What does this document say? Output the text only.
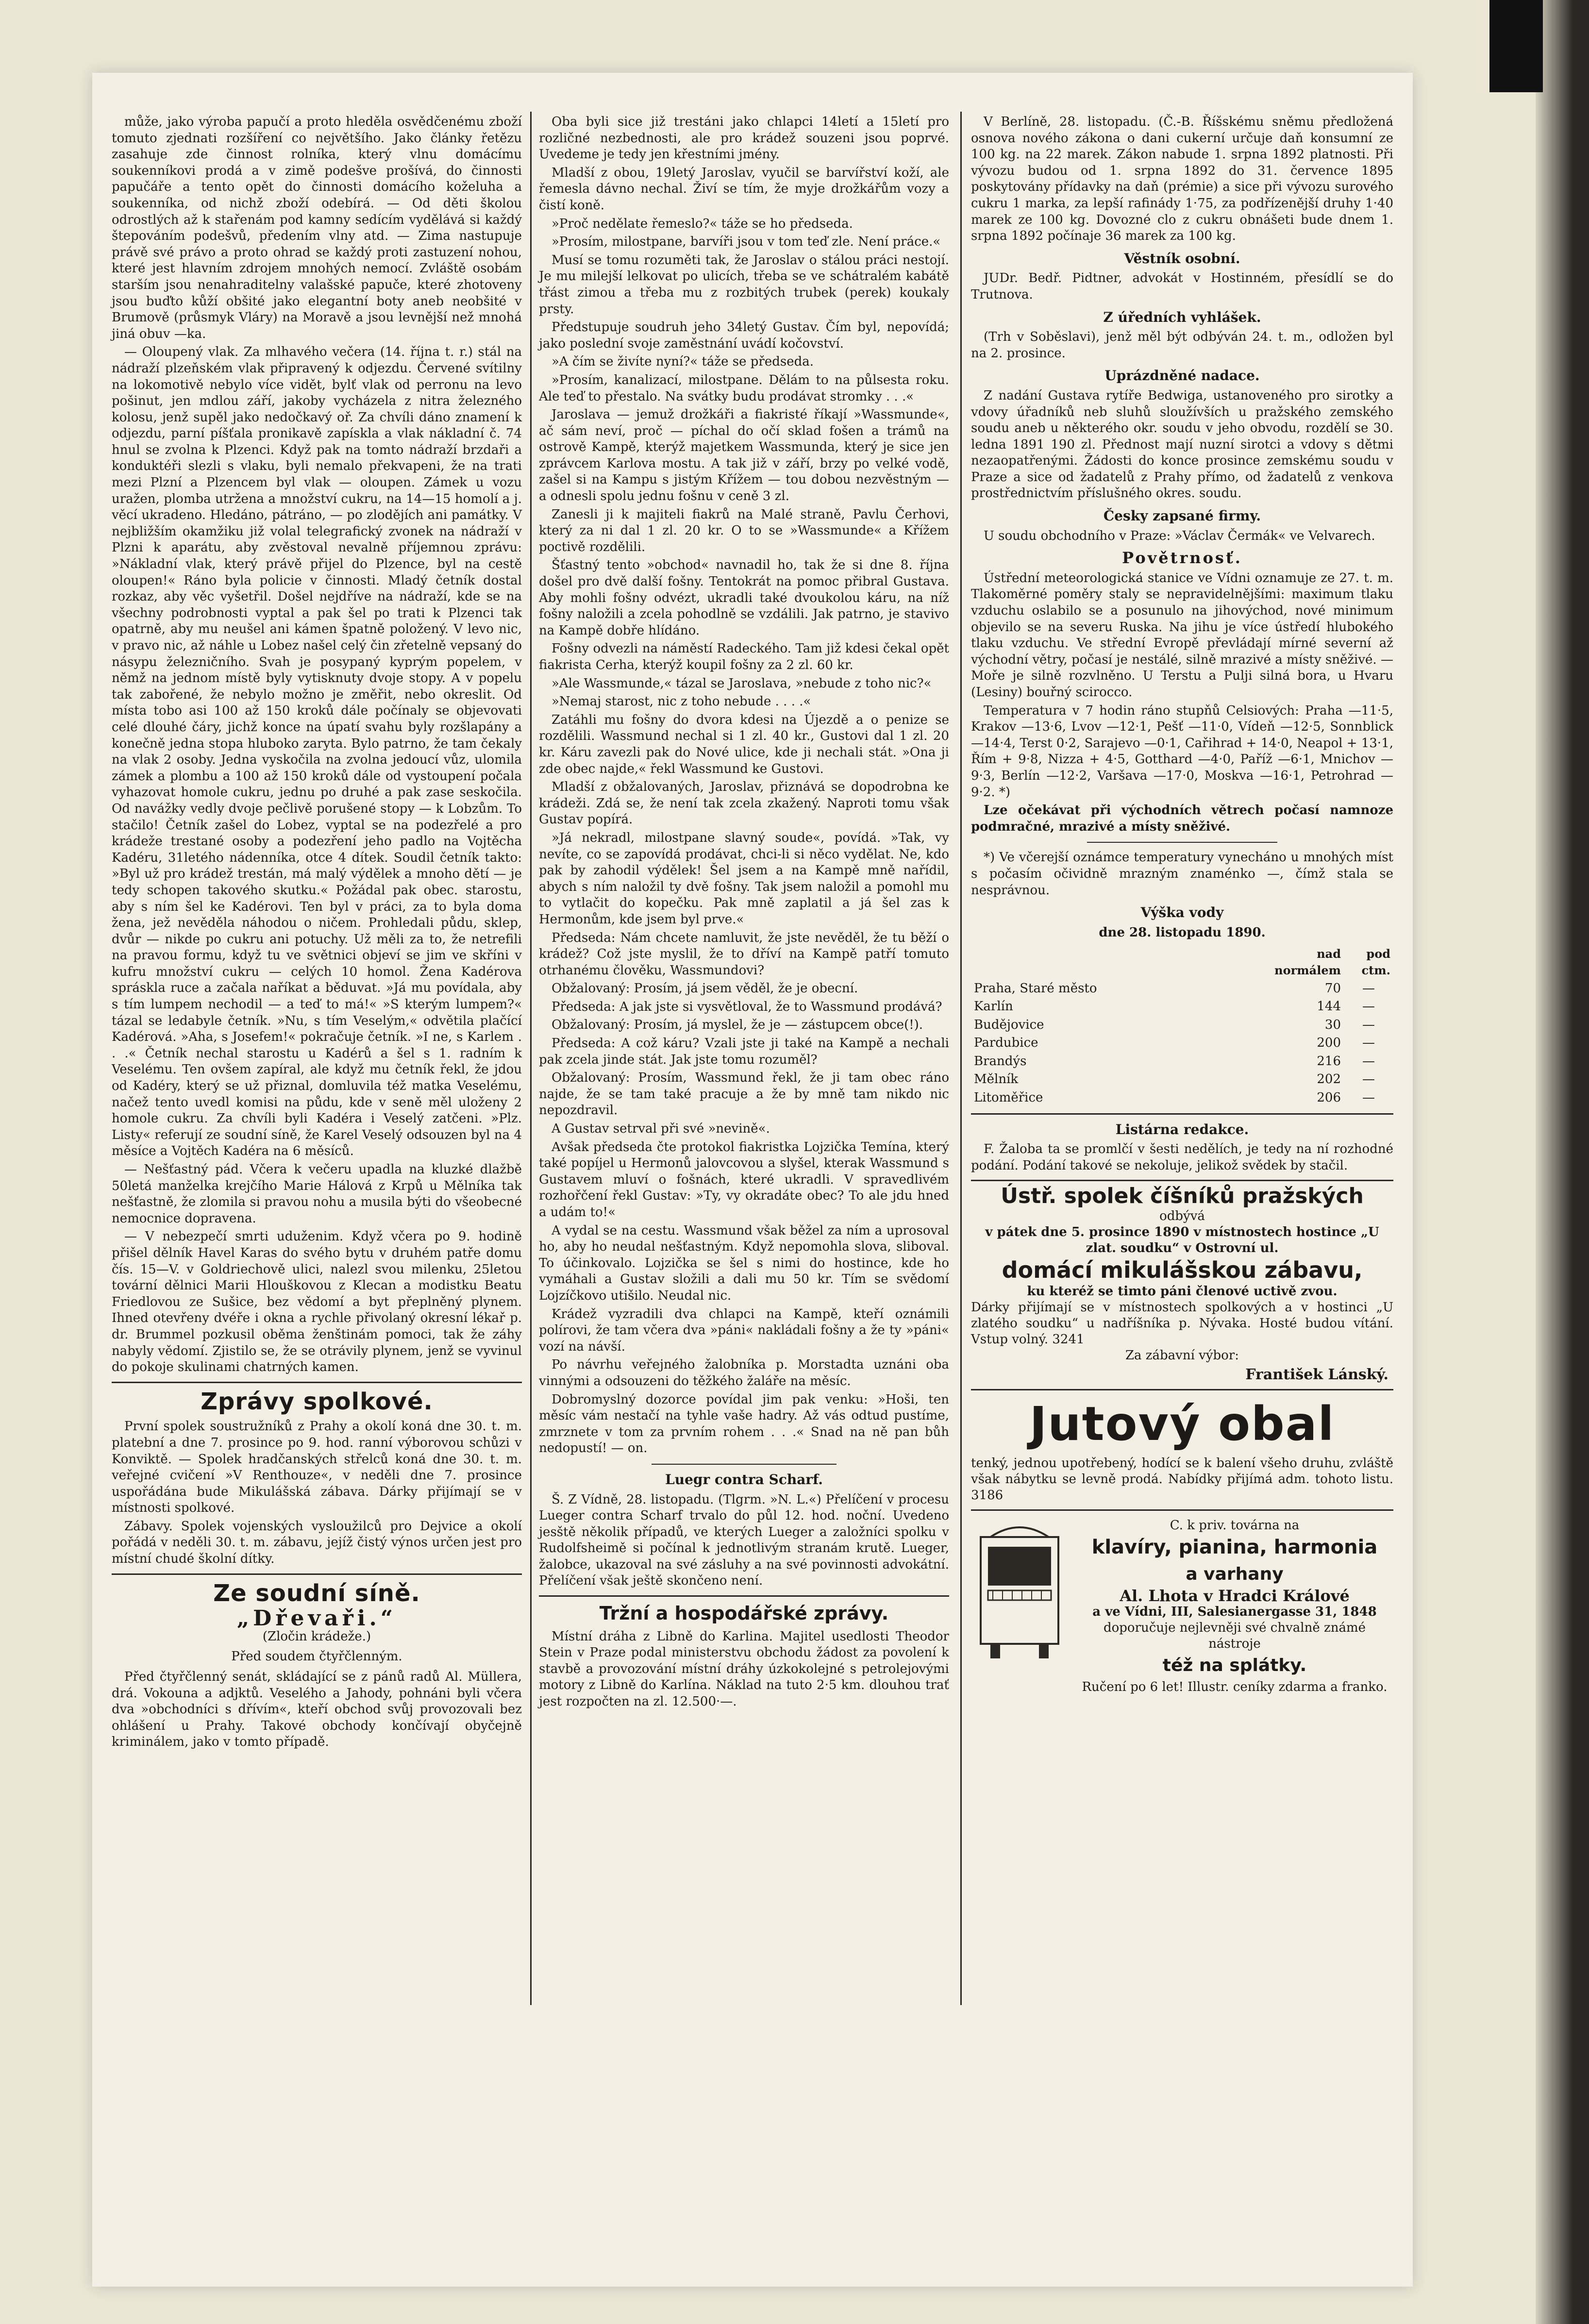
může, jako výroba papučí a proto hleděla osvědčenému zboží tomuto zjednati rozšíření co největšího. Jako články řetězu zasahuje zde činnost rolníka, který vlnu domácímu soukenníkovi prodá a v zimě podešve prošívá, do činnosti papučáře a tento opět do činnosti domácího koželuha a soukenníka, od nichž zboží odebírá. — Od děti školou odrostlých až k stařenám pod kamny sedícím vydělává si každý štepováním podešvů, předením vlny atd. — Zima nastupuje právě své právo a proto ohrad se každý proti zastuzení nohou, které jest hlavním zdrojem mnohých nemocí. Zvláště osobám starším jsou nenahraditelny valašské papuče, které zhotoveny jsou buďto kůží obšité jako elegantní boty aneb neobšité v Brumově (průsmyk Vláry) na Moravě a jsou levnější než mnohá jiná obuv —ka.

— Oloupený vlak. Za mlhavého večera (14. října t. r.) stál na nádraží plzeňském vlak připravený k odjezdu. Červené svítilny na lokomotivě nebylo více vidět, bylť vlak od perronu na levo pošinut, jen mdlou září, jakoby vycházela z nitra železného kolosu, jenž supěl jako nedočkavý oř. Za chvíli dáno znamení k odjezdu, parní píšťala pronikavě zapískla a vlak nákladní č. 74 hnul se zvolna k Plzenci. Když pak na tomto nádraží brzdaři a konduktéři slezli s vlaku, byli nemalo překvapeni, že na trati mezi Plzní a Plzencem byl vlak — oloupen. Zámek u vozu uražen, plomba utržena a množství cukru, na 14—15 homolí a j. věcí ukradeno. Hledáno, pátráno, — po zlodějích ani památky. V nejbližším okamžiku již volal telegrafický zvonek na nádraží v Plzni k aparátu, aby zvěstoval nevalně příjemnou zprávu: »Nákladní vlak, který právě přijel do Plzence, byl na cestě oloupen!« Ráno byla policie v činnosti. Mladý četník dostal rozkaz, aby věc vyšetřil. Došel nejdříve na nádraží, kde se na všechny podrobnosti vyptal a pak šel po trati k Plzenci tak opatrně, aby mu neušel ani kámen špatně položený. V levo nic, v pravo nic, až náhle u Lobez našel celý čin zřetelně vepsaný do násypu železničního. Svah je posypaný kyprým popelem, v němž na jednom místě byly vytisknuty dvoje stopy. A v popelu tak zabořené, že nebylo možno je změřit, nebo okreslit. Od místa tobo asi 100 až 150 kroků dále počínaly se objevovati celé dlouhé čáry, jichž konce na úpatí svahu byly rozšlapány a konečně jedna stopa hluboko zaryta. Bylo patrno, že tam čekaly na vlak 2 osoby. Jedna vyskočila na zvolna jedoucí vůz, ulomila zámek a plombu a 100 až 150 kroků dále od vystoupení počala vyhazovat homole cukru, jednu po druhé a pak zase seskočila. Od navážky vedly dvoje pečlivě porušené stopy — k Lobzům. To stačilo! Četník zašel do Lobez, vyptal se na podezřelé a pro krádeže trestané osoby a podezření jeho padlo na Vojtěcha Kadéru, 31letého nádenníka, otce 4 dítek. Soudil četník takto: »Byl už pro krádež trestán, má malý výdělek a mnoho dětí — je tedy schopen takového skutku.« Požádal pak obec. starostu, aby s ním šel ke Kadérovi. Ten byl v práci, za to byla doma žena, jež nevěděla náhodou o ničem. Prohledali půdu, sklep, dvůr — nikde po cukru ani potuchy. Už měli za to, že netrefili na pravou formu, když tu ve světnici objeví se jim ve skříni v kufru množství cukru — celých 10 homol. Žena Kadérova spráskla ruce a začala naříkat a běduvat. »Já mu povídala, aby s tím lumpem nechodil — a teď to má!« »S kterým lumpem?« tázal se ledabyle četník. »Nu, s tím Veselým,« odvětila plačící Kadérová. »Aha, s Josefem!« pokračuje četník. »I ne, s Karlem . . .« Četník nechal starostu u Kadérů a šel s 1. radním k Veselému. Ten ovšem zapíral, ale když mu četník řekl, že jdou od Kadéry, který se už přiznal, domluvila též matka Veselému, načež tento uvedl komisi na půdu, kde v seně měl uloženy 2 homole cukru. Za chvíli byli Kadéra i Veselý zatčeni. »Plz. Listy« referují ze soudní síně, že Karel Veselý odsouzen byl na 4 měsíce a Vojtěch Kadéra na 6 měsíců.

— Nešťastný pád. Včera k večeru upadla na kluzké dlažbě 50letá manželka krejčího Marie Hálová z Krpů u Mělníka tak nešťastně, že zlomila si pravou nohu a musila býti do všeobecné nemocnice dopravena.

— V nebezpečí smrti uduženim. Když včera po 9. hodině přišel dělník Havel Karas do svého bytu v druhém patře domu čís. 15—V. v Goldriechově ulici, nalezl svou milenku, 25letou tovární dělnici Marii Hlouškovou z Klecan a modistku Beatu Friedlovou ze Sušice, bez vědomí a byt přeplněný plynem. Ihned otevřeny dvéře i okna a rychle přivolaný okresní lékař p. dr. Brummel pozkusil oběma ženštinám pomoci, tak že záhy nabyly vědomí. Zjistilo se, že se otrávily plynem, jenž se vyvinul do pokoje skulinami chatrných kamen.

Zprávy spolkové.

První spolek soustružníků z Prahy a okolí koná dne 30. t. m. platební a dne 7. prosince po 9. hod. ranní výborovou schůzi v Konviktě. — Spolek hradčanských střelců koná dne 30. t. m. veřejné cvičení »V Renthouze«, v neděli dne 7. prosince uspořádána bude Mikulášská zábava. Dárky přijímají se v místnosti spolkové.

Zábavy. Spolek vojenských vysloužilců pro Dejvice a okolí pořádá v neděli 30. t. m. zábavu, jejíž čistý výnos určen jest pro místní chudé školní dítky.

Ze soudní síně.
„Dřevaři.“
(Zločin krádeže.)
Před soudem čtyřčlenným.

Před čtyřčlenný senát, skládající se z pánů radů Al. Müllera, drá. Vokouna a adjktů. Veselého a Jahody, pohnáni byli včera dva »obchodníci s dřívím«, kteří obchod svůj provozovali bez ohlášení u Prahy. Takové obchody končívají obyčejně kriminálem, jako v tomto případě.

Oba byli sice již trestáni jako chlapci 14letí a 15letí pro rozličné nezbednosti, ale pro krádež souzeni jsou poprvé. Uvedeme je tedy jen křestními jmény.

Mladší z obou, 19letý Jaroslav, vyučil se barvířství koží, ale řemesla dávno nechal. Živí se tím, že myje drožkářům vozy a čistí koně.

»Proč nedělate řemeslo?« táže se ho předseda.

»Prosím, milostpane, barvíři jsou v tom teď zle. Není práce.«

Musí se tomu rozuměti tak, že Jaroslav o stálou práci nestojí. Je mu milejší lelkovat po ulicích, třeba se ve schátralém kabátě třást zimou a třeba mu z rozbitých trubek (perek) koukaly prsty.

Předstupuje soudruh jeho 34letý Gustav. Čím byl, nepovídá; jako poslední svoje zaměstnání uvádí kočovství.

»A čím se živíte nyní?« táže se předseda.

»Prosím, kanalizací, milostpane. Dělám to na půlsesta roku. Ale teď to přestalo. Na svátky budu prodávat stromky . . .«

Jaroslava — jemuž drožkáři a fiakristé říkají »Wassmunde«, ač sám neví, proč — píchal do očí sklad fošen a trámů na ostrově Kampě, kterýž majetkem Wassmunda, který je sice jen zprávcem Karlova mostu. A tak již v září, brzy po velké vodě, zašel si na Kampu s jistým Křížem — tou dobou nezvěstným — a odnesli spolu jednu fošnu v ceně 3 zl.

Zanesli ji k majiteli fiakrů na Malé straně, Pavlu Čerhovi, který za ni dal 1 zl. 20 kr. O to se »Wassmunde« a Křížem poctivě rozdělili.

Šťastný tento »obchod« navnadil ho, tak že si dne 8. října došel pro dvě další fošny. Tentokrát na pomoc přibral Gustava. Aby mohli fošny odvézt, ukradli také dvoukolou káru, na níž fošny naložili a zcela pohodlně se vzdálili. Jak patrno, je stavivo na Kampě dobře hlídáno.

Fošny odvezli na náměstí Radeckého. Tam již kdesi čekal opět fiakrista Cerha, kterýž koupil fošny za 2 zl. 60 kr.

»Ale Wassmunde,« tázal se Jaroslava, »nebude z toho nic?«

»Nemaj starost, nic z toho nebude . . . .«

Zatáhli mu fošny do dvora kdesi na Újezdě a o penize se rozdělili. Wassmund nechal si 1 zl. 40 kr., Gustovi dal 1 zl. 20 kr. Káru zavezli pak do Nové ulice, kde ji nechali stát. »Ona ji zde obec najde,« řekl Wassmund ke Gustovi.

Mladší z obžalovaných, Jaroslav, přiznává se dopodrobna ke krádeži. Zdá se, že není tak zcela zkažený. Naproti tomu však Gustav popírá.

»Já nekradl, milostpane slavný soude«, povídá. »Tak, vy nevíte, co se zapovídá prodávat, chci-li si něco vydělat. Ne, kdo pak by zahodil výdělek! Šel jsem a na Kampě mně nařídil, abych s ním naložil ty dvě fošny. Tak jsem naložil a pomohl mu to vytlačit do kopečku. Pak mně zaplatil a já šel zas k Hermonům, kde jsem byl prve.«

Předseda: Nám chcete namluvit, že jste nevěděl, že tu běží o krádež? Což jste myslil, že to dříví na Kampě patří tomuto otrhanému člověku, Wassmundovi?

Obžalovaný: Prosím, já jsem věděl, že je obecní.

Předseda: A jak jste si vysvětloval, že to Wassmund prodává?

Obžalovaný: Prosím, já myslel, že je — zástupcem obce(!).

Předseda: A což káru? Vzali jste ji také na Kampě a nechali pak zcela jinde stát. Jak jste tomu rozuměl?

Obžalovaný: Prosím, Wassmund řekl, že ji tam obec ráno najde, že se tam také pracuje a že by mně tam nikdo nic nepozdravil.

A Gustav setrval při své »nevině«.

Avšak předseda čte protokol fiakristka Lojzička Temína, který také popíjel u Hermonů jalovcovou a slyšel, kterak Wassmund s Gustavem mluví o fošnách, které ukradli. V spravedlivém rozhořčení řekl Gustav: »Ty, vy okradáte obec? To ale jdu hned a udám to!«

A vydal se na cestu. Wassmund však běžel za ním a uprosoval ho, aby ho neudal nešťastným. Když nepomohla slova, sliboval. To účinkovalo. Lojzička se šel s nimi do hostince, kde ho vymáhali a Gustav složili a dali mu 50 kr. Tím se svědomí Lojzíčkovo utišilo. Neudal nic.

Krádež vyzradili dva chlapci na Kampě, kteří oznámili polírovi, že tam včera dva »páni« nakládali fošny a že ty »páni« vozí na návší.

Po návrhu veřejného žalobníka p. Morstadta uznáni oba vinnými a odsouzeni do těžkého žaláře na měsíc.

Dobromyslný dozorce povídal jim pak venku: »Hoši, ten měsíc vám nestačí na tyhle vaše hadry. Až vás odtud pustíme, zmrznete v tom za prvním rohem . . .« Snad na ně pan bůh nedopustí! — on.

Luegr contra Scharf.

Š. Z Vídně, 28. listopadu. (Tlgrm. »N. L.«) Přelíčení v procesu Lueger contra Scharf trvalo do půl 12. hod. noční. Uvedeno jesště několik případů, ve kterých Lueger a založníci spolku v Rudolfsheimě si počínal k jednotlivým stranám krutě. Lueger, žalobce, ukazoval na své zásluhy a na své povinnosti advokátní. Přelíčení však ještě skončeno není.

Tržní a hospodářské zprávy.

Místní dráha z Libně do Karlina. Majitel usedlosti Theodor Stein v Praze podal ministerstvu obchodu žádost za povolení k stavbě a provozování místní dráhy úzkokolejné s petrolejovými motory z Libně do Karlína. Náklad na tuto 2·5 km. dlouhou trať jest rozpočten na zl. 12.500·—.

V Berlíně, 28. listopadu. (Č.-B. Říšskému sněmu předložená osnova nového zákona o dani cukerní určuje daň konsumní ze 100 kg. na 22 marek. Zákon nabude 1. srpna 1892 platnosti. Při vývozu budou od 1. srpna 1892 do 31. července 1895 poskytovány přídavky na daň (prémie) a sice při vývozu surového cukru 1 marka, za lepší rafinády 1·75, za podřízenější druhy 1·40 marek ze 100 kg. Dovozné clo z cukru obnášeti bude dnem 1. srpna 1892 počínaje 36 marek za 100 kg.

Věstník osobní.

JUDr. Bedř. Pidtner, advokát v Hostinném, přesídlí se do Trutnova.

Z úředních vyhlášek.

(Trh v Soběslavi), jenž měl být odbýván 24. t. m., odložen byl na 2. prosince.

Uprázdněné nadace.

Z nadání Gustava rytíře Bedwiga, ustanoveného pro sirotky a vdovy úřadníků neb sluhů sloužívších u pražského zemského soudu aneb u některého okr. soudu v jeho obvodu, rozdělí se 30. ledna 1891 190 zl. Přednost mají nuzní sirotci a vdovy s dětmi nezaopatřenými. Žádosti do konce prosince zemskému soudu v Praze a sice od žadatelů z Prahy přímo, od žadatelů z venkova prostřednictvím příslušného okres. soudu.

Česky zapsané firmy.

U soudu obchodního v Praze: »Václav Čermák« ve Velvarech.

Povětrnosť.

Ústřední meteorologická stanice ve Vídni oznamuje ze 27. t. m. Tlakoměrné poměry staly se nepravidelnějšími: maximum tlaku vzduchu oslabilo se a posunulo na jihovýchod, nové minimum objevilo se na severu Ruska. Na jihu je více ústředí hlubokého tlaku vzduchu. Ve střední Evropě převládají mírné severní až východní větry, počasí je nestálé, silně mrazivé a místy sněživé. — Moře je silně rozvlněno. U Terstu a Pulji silná bora, u Hvaru (Lesiny) bouřný scirocco.

Temperatura v 7 hodin ráno stupňů Celsiových: Praha —11·5, Krakov —13·6, Lvov —12·1, Pešť —11·0, Vídeň —12·5, Sonnblick —14·4, Terst 0·2, Sarajevo —0·1, Cařihrad + 14·0, Neapol + 13·1, Řím + 9·8, Nizza + 4·5, Gotthard —4·0, Paříž —6·1, Mnichov —9·3, Berlín —12·2, Varšava —17·0, Moskva —16·1, Petrohrad —9·2. *)

Lze očekávat při východních větrech počasí namnoze podmračné, mrazivé a místy sněživé.

*) Ve včerejší oznámce temperatury vynecháno u mnohých míst s počasím očividně mrazným znaménko —, čímž stala se nesprávnou.

Výška vody
dne 28. listopadu 1890.
	nad
normálem	pod
ctm.
Praha, Staré město	70	—
Karlín	144	—
Budějovice	30	—
Pardubice	200	—
Brandýs	216	—
Mělník	202	—
Litoměřice	206	—
Listárna redakce.

F. Žaloba ta se promlčí v šesti nedělích, je tedy na ní rozhodné podání. Podání takové se nekoluje, jelikož svědek by stačil.

Ústř. spolek číšníků pražských
odbývá
v pátek dne 5. prosince 1890 v místnostech hostince „U zlat. soudku“ v Ostrovní ul.
domácí mikulášskou zábavu,
ku kteréž se timto páni členové uctivě zvou.
Dárky přijímají se v místnostech spolkových a v hostinci „U zlatého soudku“ u nadříšníka p. Nývaka. Hosté budou vítání. Vstup volný. 3241
Za zábavní výbor:
František Lánský.
Jutový obal
tenký, jednou upotřebený, hodící se k balení všeho druhu, zvláště však nábytku se levně prodá. Nabídky přijímá adm. tohoto listu. 3186
C. k priv. továrna na
klavíry, pianina, harmonia
a varhany
Al. Lhota v Hradci Králové
a ve Vídni, III, Salesianergasse 31, 1848
doporučuje nejlevněji své chvalně známé nástroje
též na splátky.
Ručení po 6 let! Illustr. ceníky zdarma a franko.
